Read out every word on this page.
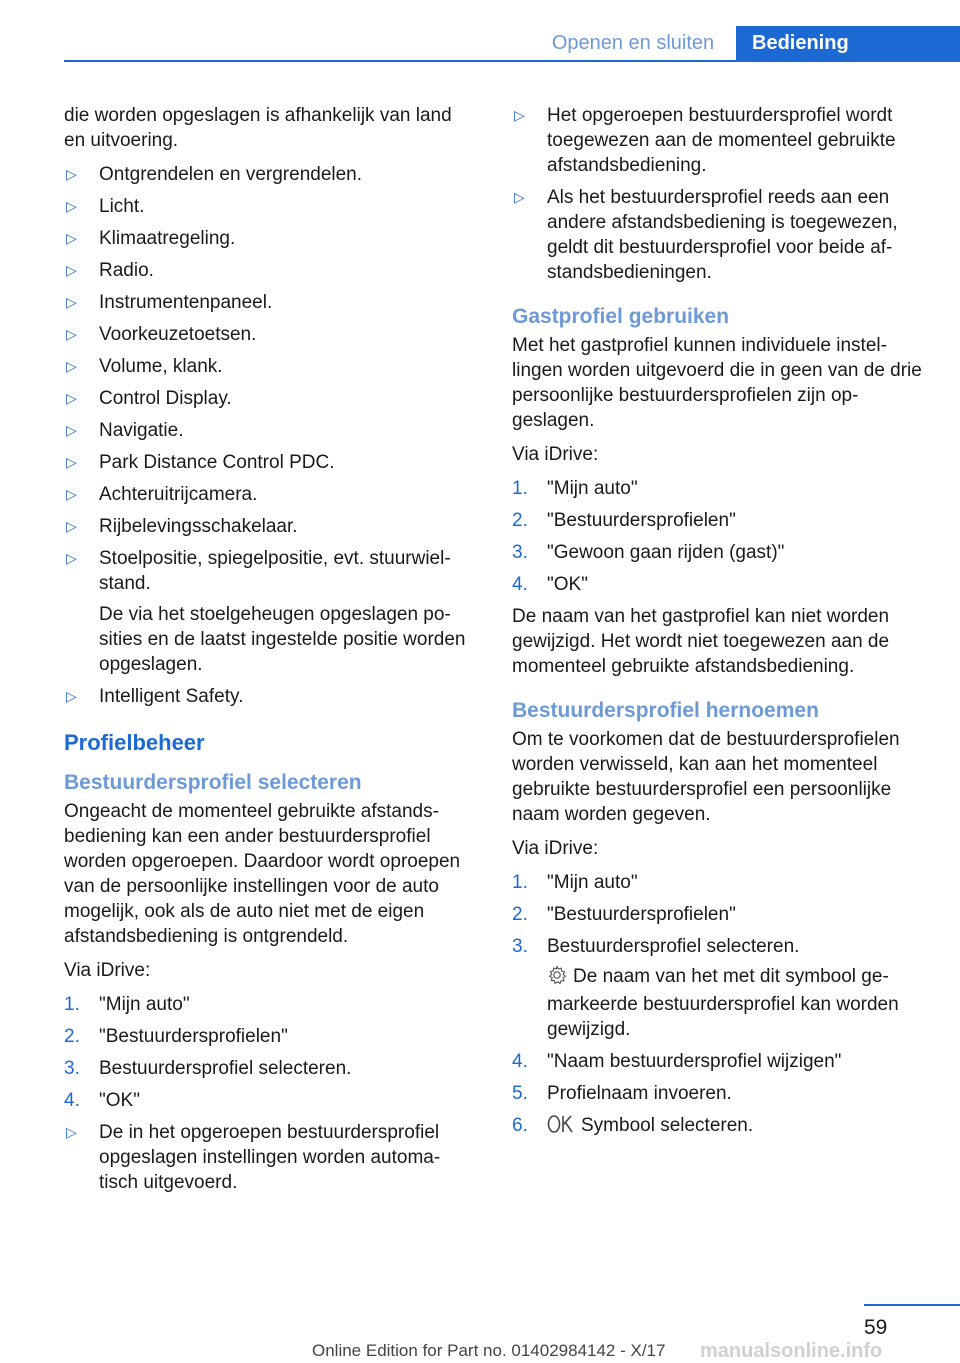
Openen en sluiten	Bediening

die worden opgeslagen is afhankelijk van land en uitvoering.

▷ Ontgrendelen en vergrendelen.
▷ Licht.
▷ Klimaatregeling.
▷ Radio.
▷ Instrumentenpaneel.
▷ Voorkeuzetoetsen.
▷ Volume, klank.
▷ Control Display.
▷ Navigatie.
▷ Park Distance Control PDC.
▷ Achteruitrijcamera.
▷ Rijbelevingsschakelaar.
▷ Stoelpositie, spiegelpositie, evt. stuurwielstand.
De via het stoelgeheugen opgeslagen posities en de laatst ingestelde positie worden opgeslagen.
▷ Intelligent Safety.
Profielbeheer
Bestuurdersprofiel selecteren

Ongeacht de momenteel gebruikte afstandsbediening kan een ander bestuurdersprofiel worden opgeroepen. Daardoor wordt oproepen van de persoonlijke instellingen voor de auto mogelijk, ook als de auto niet met de eigen afstandsbediening is ontgrendeld.

Via iDrive:

1. "Mijn auto"
2. "Bestuurdersprofielen"
3. Bestuurdersprofiel selecteren.
4. "OK"
▷ De in het opgeroepen bestuurdersprofiel opgeslagen instellingen worden automatisch uitgevoerd.
▷ Het opgeroepen bestuurdersprofiel wordt toegewezen aan de momenteel gebruikte afstandsbediening.
▷ Als het bestuurdersprofiel reeds aan een andere afstandsbediening is toegewezen, geldt dit bestuurdersprofiel voor beide afstandsbedieningen.
Gastprofiel gebruiken

Met het gastprofiel kunnen individuele instellingen worden uitgevoerd die in geen van de drie persoonlijke bestuurdersprofielen zijn opgeslagen.

Via iDrive:

1. "Mijn auto"
2. "Bestuurdersprofielen"
3. "Gewoon gaan rijden (gast)"
4. "OK"

De naam van het gastprofiel kan niet worden gewijzigd. Het wordt niet toegewezen aan de momenteel gebruikte afstandsbediening.

Bestuurdersprofiel hernoemen

Om te voorkomen dat de bestuurdersprofielen worden verwisseld, kan aan het momenteel gebruikte bestuurdersprofiel een persoonlijke naam worden gegeven.

Via iDrive:

1. "Mijn auto"
2. "Bestuurdersprofielen"
3. Bestuurdersprofiel selecteren.
De naam van het met dit symbool gemarkeerde bestuurdersprofiel kan worden gewijzigd.
4. "Naam bestuurdersprofiel wijzigen"
5. Profielnaam invoeren.
6.	Symbool selecteren.
59
Online Edition for Part no. 01402984142 - X/17 manualsonline.info
